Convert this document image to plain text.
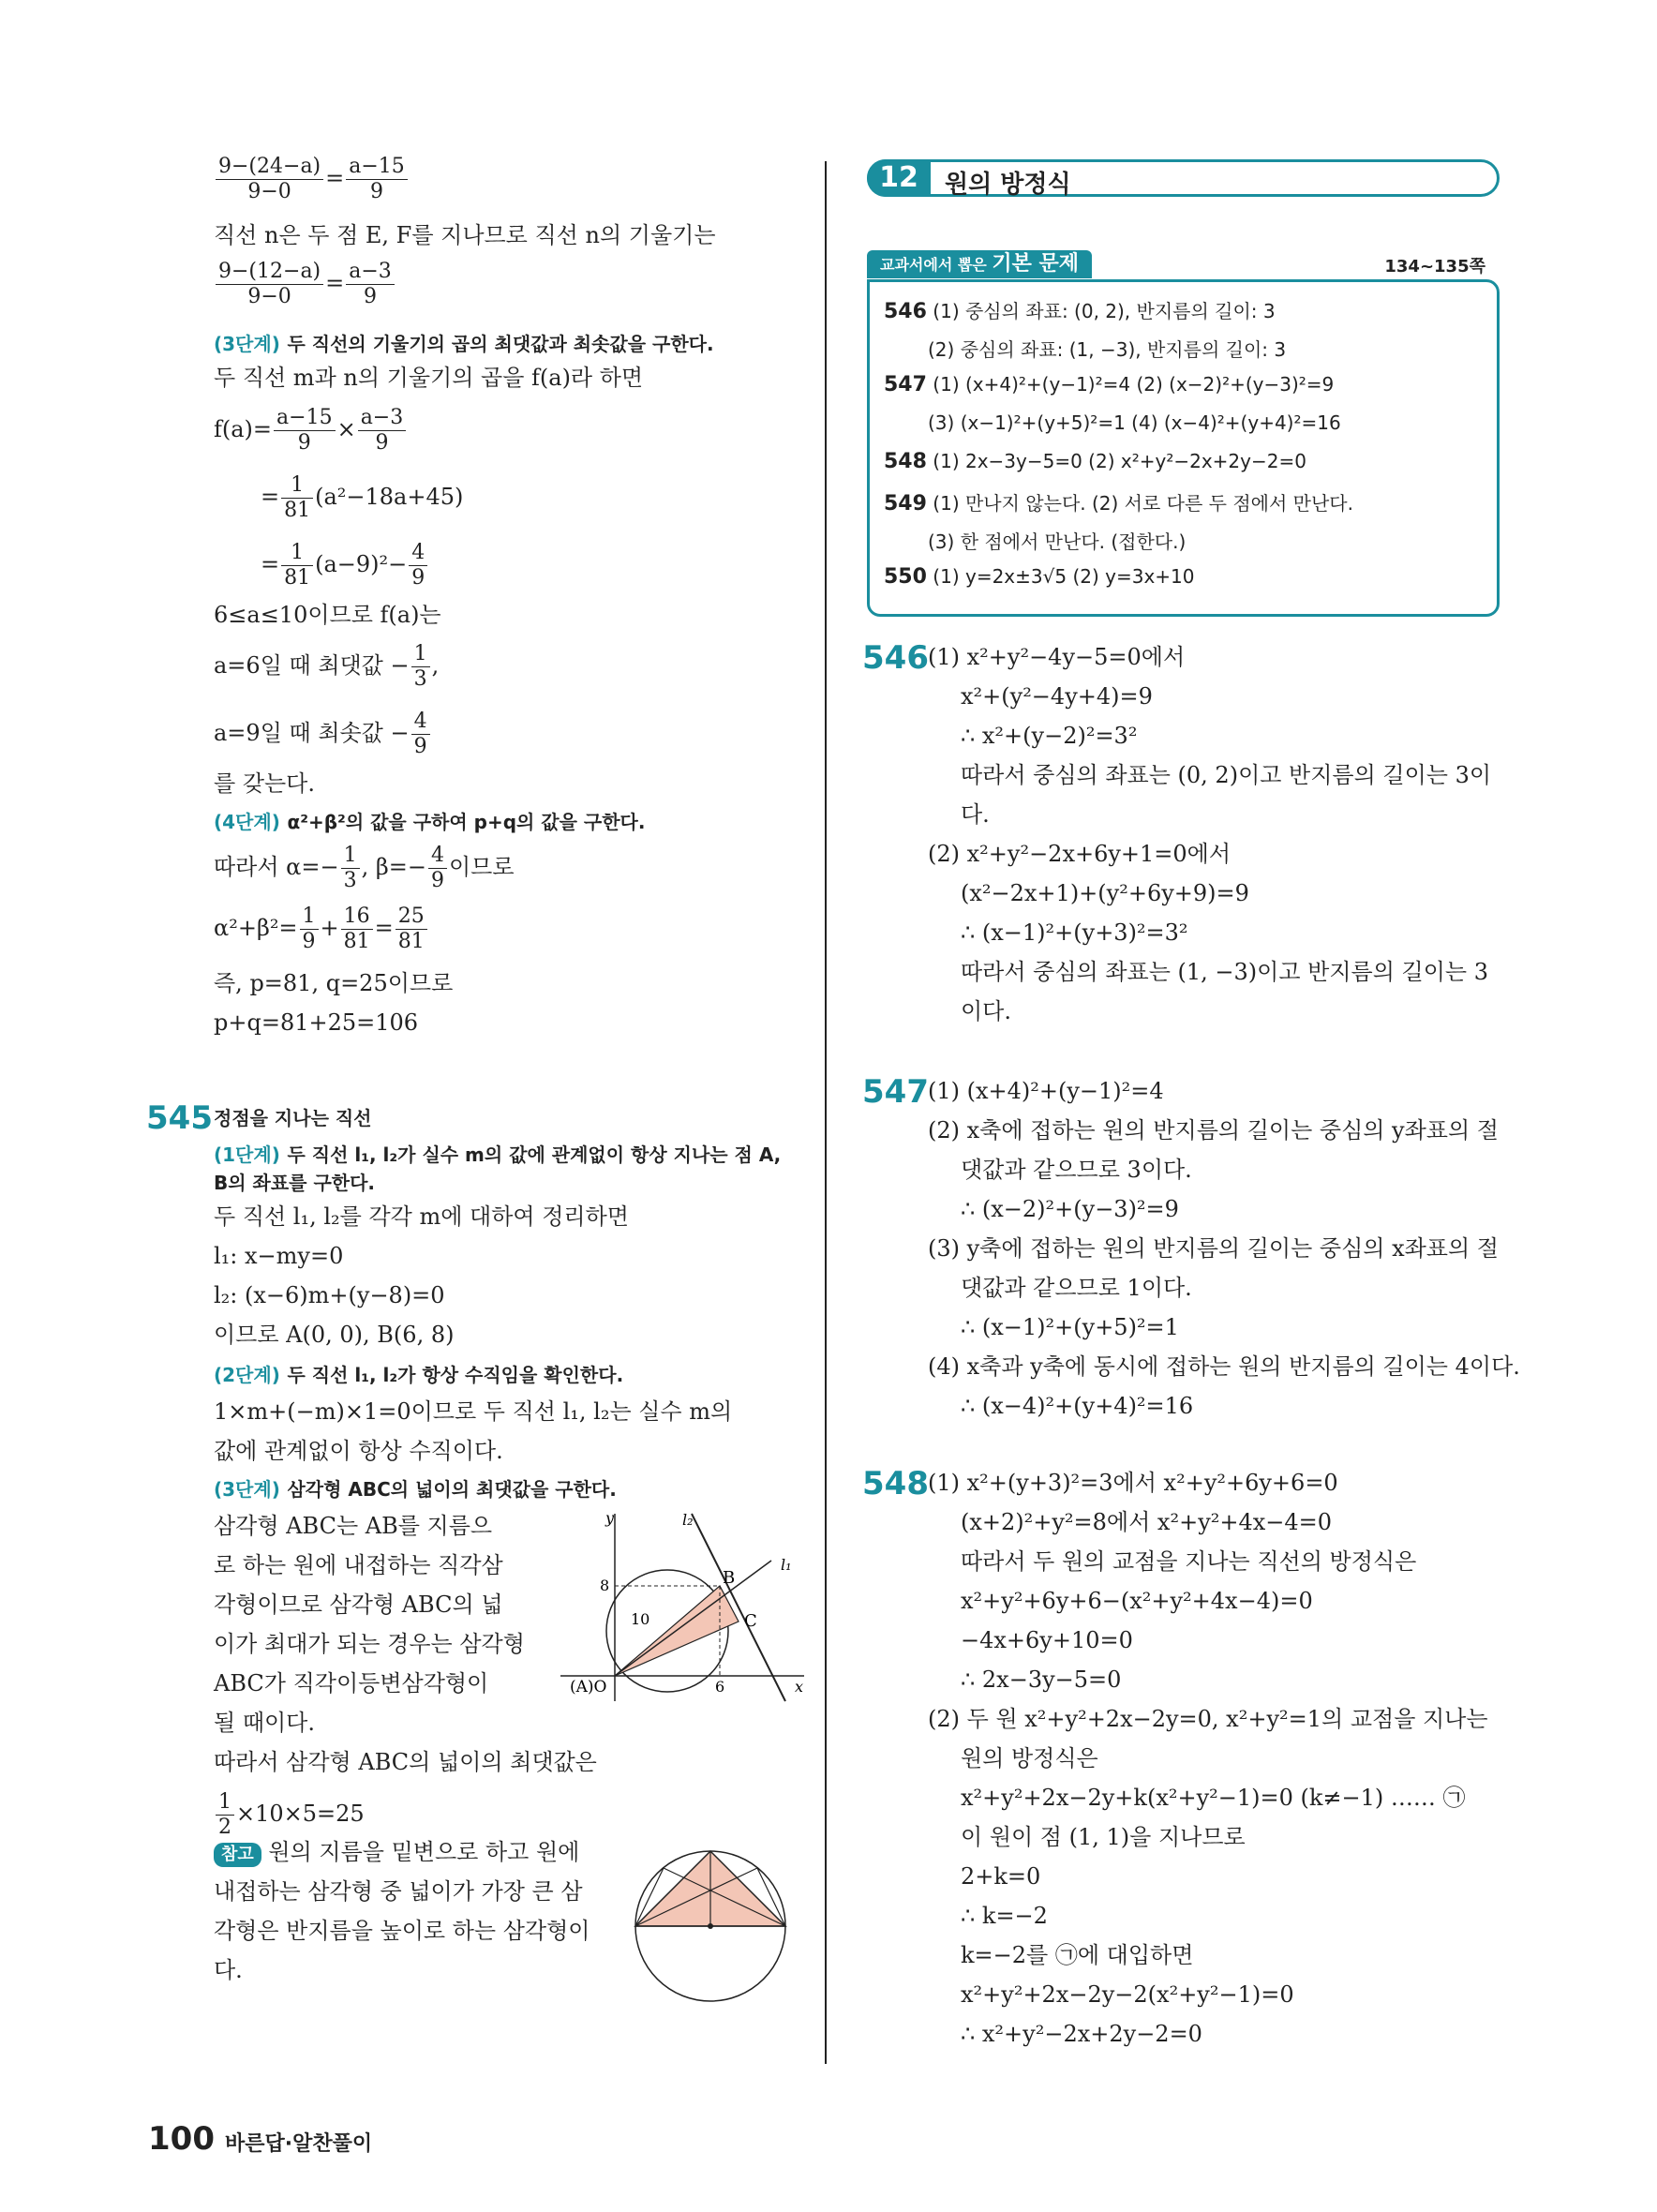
$\frac{9-(24-a)}{9-0} = \frac{a-15}{9}$
직선 n은 두 점 E, F를 지나므로 직선 n의 기울기는
$\frac{9-(12-a)}{9-0} = \frac{a-3}{9}$
(3단계) 두 직선의 기울기의 곱의 최댓값과 최솟값을 구한다.
두 직선 m과 n의 기울기의 곱을 f(a)라 하면
$f(a)= \frac{a-15}{9} \times \frac{a-3}{9}$
= $\frac{1}{81} (a^2-18a+45)$
= $\frac{1}{81} (a-9)^2- \frac{4}{9}$
6≤a≤10이므로 f(a)는
a=6일 때 최댓값 − $\frac{1}{3}$ ,
a=9일 때 최솟값 − $\frac{4}{9}$
를 갖는다.
(4단계) α²+β²의 값을 구하여 p+q의 값을 구한다.
따라서 $\alpha=- \frac{1}{3}$ , $\beta=- \frac{4}{9}$ 이므로
$\alpha^2+\beta^2= \frac{1}{9} + \frac{16}{81} = \frac{25}{81}$
즉, p=81, q=25이므로
p+q=81+25=106
545 정점을 지나는 직선
(1단계) 두 직선 l₁, l₂가 실수 m의 값에 관계없이 항상 지나는 점 A,
B의 좌표를 구한다.
두 직선 l₁, l₂를 각각 m에 대하여 정리하면
l₁: x−my=0
l₂: (x−6)m+(y−8)=0
이므로 A(0, 0), B(6, 8)
(2단계) 두 직선 l₁, l₂가 항상 수직임을 확인한다.
1×m+(−m)×1=0이므로 두 직선 l₁, l₂는 실수 m의
값에 관계없이 항상 수직이다.
(3단계) 삼각형 ABC의 넓이의 최댓값을 구한다.
삼각형 ABC는 AB를 지름으
로 하는 원에 내접하는 직각삼
각형이므로 삼각형 ABC의 넓
이가 최대가 되는 경우는 삼각형
ABC가 직각이등변삼각형이
될 때이다.
따라서 삼각형 ABC의 넓이의 최댓값은
$\frac{1}{2} \times 10\times 5=25$
y	l₂
l₁
8	B
10	C
(A)O	6	x
참고 원의 지름을 밑변으로 하고 원에
내접하는 삼각형 중 넓이가 가장 큰 삼
각형은 반지름을 높이로 하는 삼각형이
다.
12	원의 방정식
교과서에서 뽑은 기본 문제	134~135쪽
546 (1) 중심의 좌표: (0, 2), 반지름의 길이: 3
(2) 중심의 좌표: (1, −3), 반지름의 길이: 3
547 (1) (x+4)²+(y−1)²=4 (2) (x−2)²+(y−3)²=9
(3) (x−1)²+(y+5)²=1 (4) (x−4)²+(y+4)²=16
548 (1) 2x−3y−5=0 (2) x²+y²−2x+2y−2=0
549 (1) 만나지 않는다. (2) 서로 다른 두 점에서 만난다.
(3) 한 점에서 만난다. (접한다.)
550 (1) y=2x±3√5 (2) y=3x+10
546 (1) x²+y²−4y−5=0에서
x²+(y²−4y+4)=9
∴ x²+(y−2)²=3²
따라서 중심의 좌표는 (0, 2)이고 반지름의 길이는 3이
다.
(2) x²+y²−2x+6y+1=0에서
(x²−2x+1)+(y²+6y+9)=9
∴ (x−1)²+(y+3)²=3²
따라서 중심의 좌표는 (1, −3)이고 반지름의 길이는 3
이다.
547 (1) (x+4)²+(y−1)²=4
(2) x축에 접하는 원의 반지름의 길이는 중심의 y좌표의 절
댓값과 같으므로 3이다.
∴ (x−2)²+(y−3)²=9
(3) y축에 접하는 원의 반지름의 길이는 중심의 x좌표의 절
댓값과 같으므로 1이다.
∴ (x−1)²+(y+5)²=1
(4) x축과 y축에 동시에 접하는 원의 반지름의 길이는 4이다.
∴ (x−4)²+(y+4)²=16
548 (1) x²+(y+3)²=3에서 x²+y²+6y+6=0
(x+2)²+y²=8에서 x²+y²+4x−4=0
따라서 두 원의 교점을 지나는 직선의 방정식은
x²+y²+6y+6−(x²+y²+4x−4)=0
−4x+6y+10=0
∴ 2x−3y−5=0
(2) 두 원 x²+y²+2x−2y=0, x²+y²=1의 교점을 지나는
원의 방정식은
x²+y²+2x−2y+k(x²+y²−1)=0 (k≠−1) …… ㉠
이 원이 점 (1, 1)을 지나므로
2+k=0
∴ k=−2
k=−2를 ㉠에 대입하면
x²+y²+2x−2y−2(x²+y²−1)=0
∴ x²+y²−2x+2y−2=0
100 바른답·알찬풀이
